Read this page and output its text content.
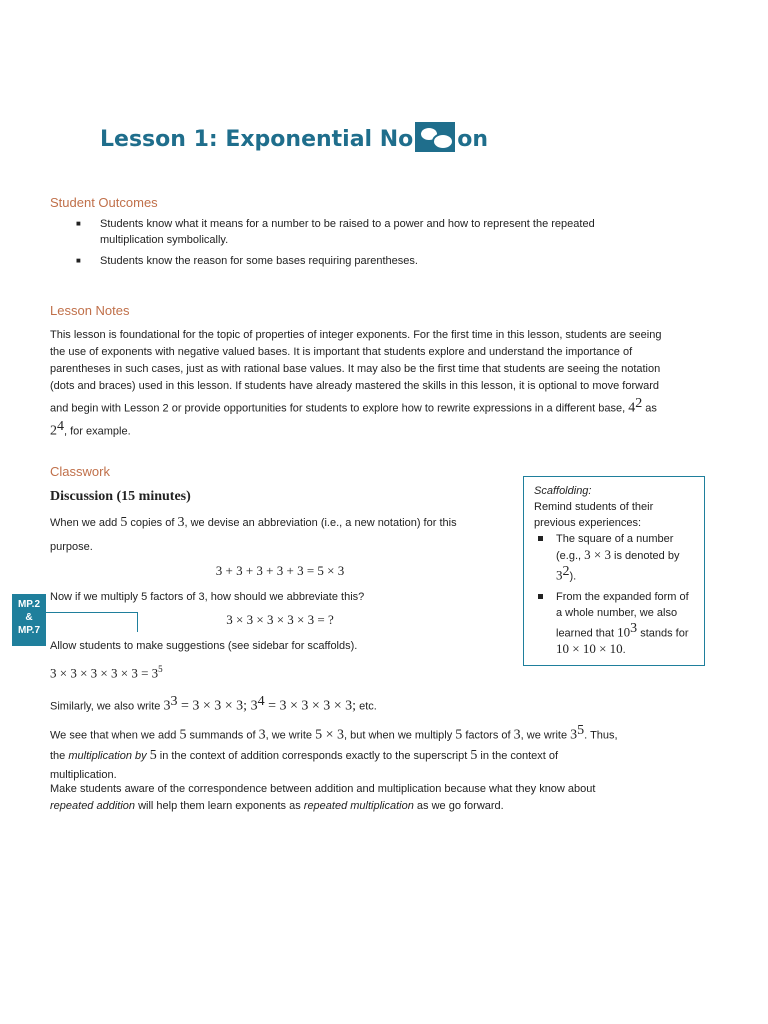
Lesson 1: Exponential No on
Student Outcomes
■ Students know what it means for a number to be raised to a power and how to represent the repeated multiplication symbolically.
■ Students know the reason for some bases requiring parentheses.
Lesson Notes
This lesson is foundational for the topic of properties of integer exponents. For the first time in this lesson, students are seeing the use of exponents with negative valued bases. It is important that students explore and understand the importance of parentheses in such cases, just as with rational base values. It may also be the first time that students are seeing the notation (dots and braces) used in this lesson. If students have already mastered the skills in this lesson, it is optional to move forward and begin with Lesson 2 or provide opportunities for students to explore how to rewrite expressions in a different base, $4^2$ as $2^4$, for example.
Classwork
Discussion (15 minutes)
When we add 5 copies of 3, we devise an abbreviation (i.e., a new notation) for this
purpose.
3 + 3 + 3 + 3 + 3 = 5 × 3
Now if we multiply 5 factors of 3, how should we abbreviate this?
3 × 3 × 3 × 3 × 3 = ?
MP.2
&
MP.7
Allow students to make suggestions (see sidebar for scaffolds).
$3 \times 3 \times 3 \times 3 \times 3 = 3^5$
Similarly, we also write $3^3 = 3 \times 3 \times 3$; $3^4 = 3 \times 3 \times 3 \times 3$; etc.
We see that when we add 5 summands of 3, we write 5 × 3, but when we multiply 5 factors of 3, we write $3^5$. Thus,
the multiplication by 5 in the context of addition corresponds exactly to the superscript 5 in the context of
multiplication.
Make students aware of the correspondence between addition and multiplication because what they know about
repeated addition will help them learn exponents as repeated multiplication as we go forward.
Scaffolding:
Remind students of their previous experiences:
The square of a number (e.g., 3 × 3 is denoted by $3^2$).
From the expanded form of a whole number, we also learned that $10^3$ stands for 10 × 10 × 10.
